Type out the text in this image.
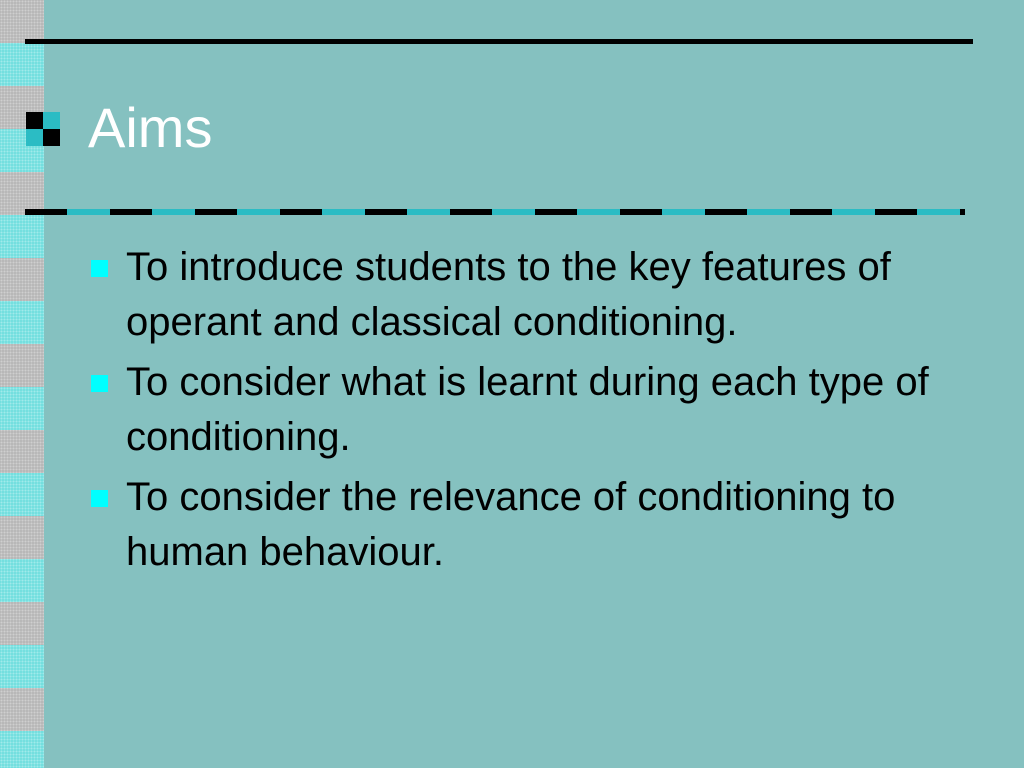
Aims
To introduce students to the key features of operant and classical conditioning.
To consider what is learnt during each type of conditioning.
To consider the relevance of conditioning to human behaviour.
